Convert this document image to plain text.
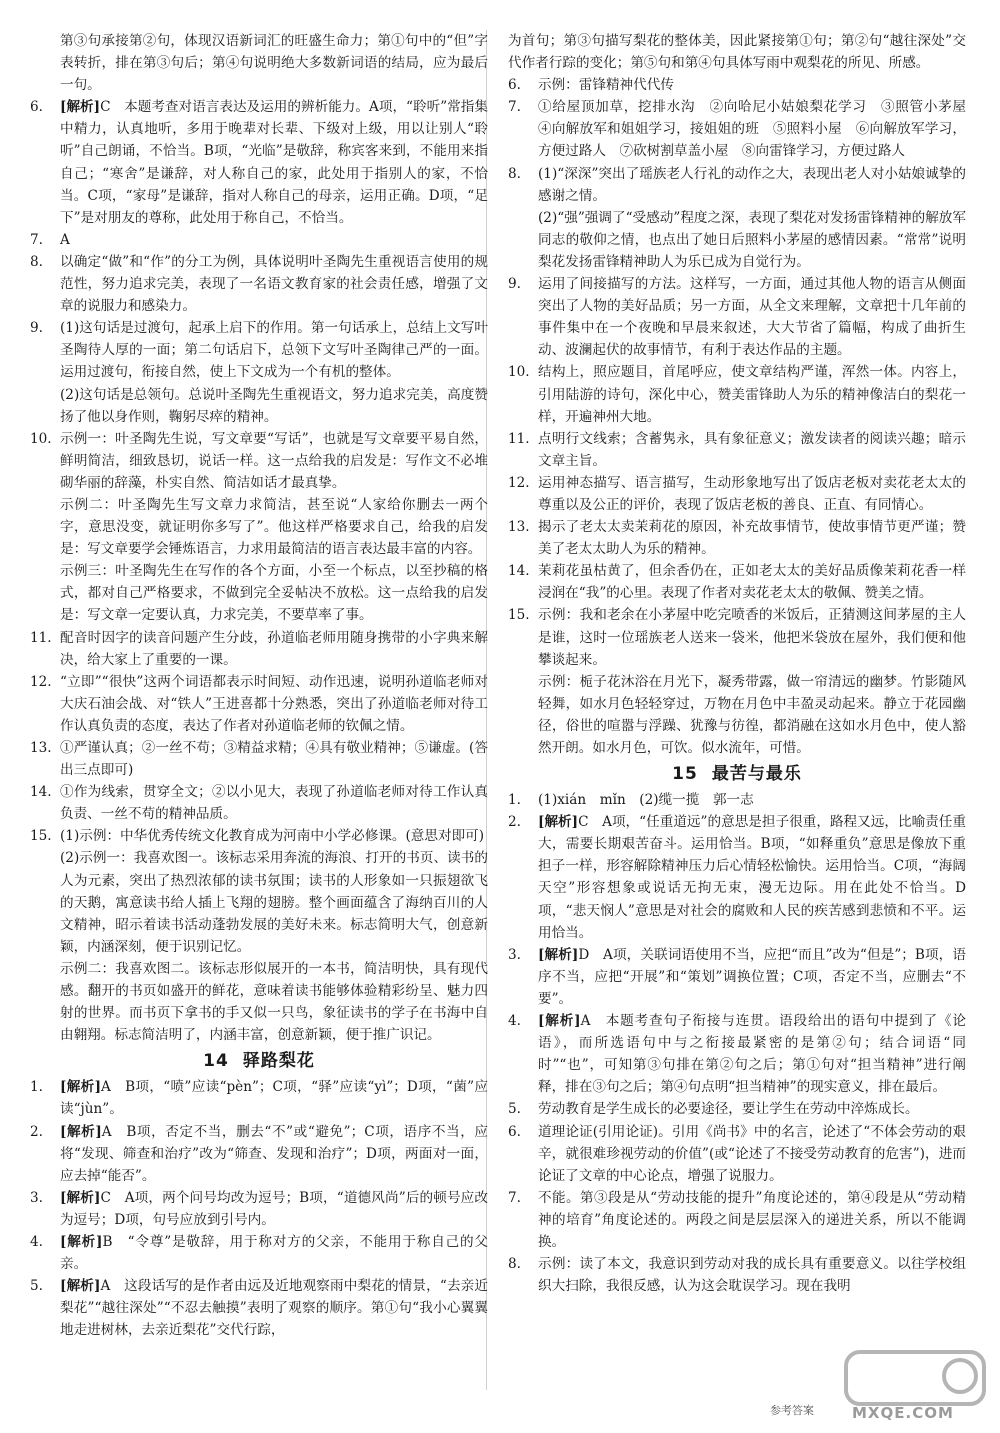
第③句承接第②句，体现汉语新词汇的旺盛生命力；第①句中的“但”字表转折，排在第③句后；第④句说明绝大多数新词语的结局，应为最后一句。
6.	[解析]C　本题考查对语言表达及运用的辨析能力。A项，“聆听”常指集中精力，认真地听，多用于晚辈对长辈、下级对上级，用以让别人“聆听”自己朗诵，不恰当。B项，“光临”是敬辞，称宾客来到，不能用来指自己；“寒舍”是谦辞，对人称自己的家，此处用于指别人的家，不恰当。C项，“家母”是谦辞，指对人称自己的母亲，运用正确。D项，“足下”是对朋友的尊称，此处用于称自己，不恰当。
7.	A
8.	以确定“做”和“作”的分工为例，具体说明叶圣陶先生重视语言使用的规范性，努力追求完美，表现了一名语文教育家的社会责任感，增强了文章的说服力和感染力。
9.	(1)这句话是过渡句，起承上启下的作用。第一句话承上，总结上文写叶圣陶待人厚的一面；第二句话启下，总领下文写叶圣陶律己严的一面。运用过渡句，衔接自然，使上下文成为一个有机的整体。
(2)这句话是总领句。总说叶圣陶先生重视语文，努力追求完美，高度赞扬了他以身作则，鞠躬尽瘁的精神。
10. 示例一：叶圣陶先生说，写文章要“写话”，也就是写文章要平易自然，鲜明简洁，细致恳切，说话一样。这一点给我的启发是：写作文不必堆砌华丽的辞藻，朴实自然、简洁如话才最真挚。
示例二：叶圣陶先生写文章力求简洁，甚至说“人家给你删去一两个字，意思没变，就证明你多写了”。他这样严格要求自己，给我的启发是：写文章要学会锤炼语言，力求用最简洁的语言表达最丰富的内容。
示例三：叶圣陶先生在写作的各个方面，小至一个标点，以至抄稿的格式，都对自己严格要求，不做到完全妥帖决不放松。这一点给我的启发是：写文章一定要认真，力求完美，不要草率了事。
11. 配音时因字的读音问题产生分歧，孙道临老师用随身携带的小字典来解决，给大家上了重要的一课。
12. “立即”“很快”这两个词语都表示时间短、动作迅速，说明孙道临老师对大庆石油会战、对“铁人”王进喜都十分熟悉，突出了孙道临老师对待工作认真负责的态度，表达了作者对孙道临老师的钦佩之情。
13. ①严谨认真；②一丝不苟；③精益求精；④具有敬业精神；⑤谦虚。(答出三点即可)
14. ①作为线索，贯穿全文；②以小见大，表现了孙道临老师对待工作认真负责、一丝不苟的精神品质。
15. (1)示例：中华优秀传统文化教育成为河南中小学必修课。(意思对即可)
(2)示例一：我喜欢图一。该标志采用奔流的海浪、打开的书页、读书的人为元素，突出了热烈浓郁的读书氛围；读书的人形象如一只振翅欲飞的天鹅，寓意读书给人插上飞翔的翅膀。整个画面蕴含了海纳百川的人文精神，昭示着读书活动蓬勃发展的美好未来。标志简明大气，创意新颖，内涵深刻，便于识别记忆。
示例二：我喜欢图二。该标志形似展开的一本书，简洁明快，具有现代感。翻开的书页如盛开的鲜花，意味着读书能够体验精彩纷呈、魅力四射的世界。而书页下拿书的手又似一只鸟，象征读书的学子在书海中自由翱翔。标志简洁明了，内涵丰富，创意新颖，便于推广识记。
14 驿路梨花
1.	[解析]A　B项，“喷”应读“pèn”；C项，“驿”应读“yì”；D项，“菌”应读“jùn”。
2.	[解析]A　B项，否定不当，删去“不”或“避免”；C项，语序不当，应将“发现、筛查和治疗”改为“筛查、发现和治疗”；D项，两面对一面，应去掉“能否”。
3.	[解析]C　A项，两个问号均改为逗号；B项，“道德风尚”后的顿号应改为逗号；D项，句号应放到引号内。
4.	[解析]B　“令尊”是敬辞，用于称对方的父亲，不能用于称自己的父亲。
5.	[解析]A　这段话写的是作者由远及近地观察雨中梨花的情景，“去亲近梨花”“越往深处”“不忍去触摸”表明了观察的顺序。第①句“我小心翼翼地走进树林，去亲近梨花”交代行踪，
为首句；第③句描写梨花的整体美，因此紧接第①句；第②句“越往深处”交代作者行踪的变化；第⑤句和第④句具体写雨中观梨花的所见、所感。
6.	示例：雷锋精神代代传
7.	①给屋顶加草，挖排水沟　②向哈尼小姑娘梨花学习　③照管小茅屋　④向解放军和姐姐学习，接姐姐的班　⑤照料小屋　⑥向解放军学习，方便过路人　⑦砍树割草盖小屋　⑧向雷锋学习，方便过路人
8.	(1)“深深”突出了瑶族老人行礼的动作之大，表现出老人对小姑娘诚挚的感谢之情。
(2)“强”强调了“受感动”程度之深，表现了梨花对发扬雷锋精神的解放军同志的敬仰之情，也点出了她日后照料小茅屋的感情因素。“常常”说明梨花发扬雷锋精神助人为乐已成为自觉行为。
9.	运用了间接描写的方法。这样写，一方面，通过其他人物的语言从侧面突出了人物的美好品质；另一方面，从全文来理解，文章把十几年前的事件集中在一个夜晚和早晨来叙述，大大节省了篇幅，构成了曲折生动、波澜起伏的故事情节，有利于表达作品的主题。
10. 结构上，照应题目，首尾呼应，使文章结构严谨，浑然一体。内容上，引用陆游的诗句，深化中心，赞美雷锋助人为乐的精神像洁白的梨花一样，开遍神州大地。
11. 点明行文线索；含蓄隽永，具有象征意义；激发读者的阅读兴趣；暗示文章主旨。
12. 运用神态描写、语言描写，生动形象地写出了饭店老板对卖花老太太的尊重以及公正的评价，表现了饭店老板的善良、正直、有同情心。
13. 揭示了老太太卖茉莉花的原因，补充故事情节，使故事情节更严谨；赞美了老太太助人为乐的精神。
14. 茉莉花虽枯黄了，但余香仍在，正如老太太的美好品质像茉莉花香一样浸润在“我”的心里。表现了作者对卖花老太太的敬佩、赞美之情。
15. 示例：我和老余在小茅屋中吃完喷香的米饭后，正猜测这间茅屋的主人是谁，这时一位瑶族老人送来一袋米，他把米袋放在屋外，我们便和他攀谈起来。
示例：栀子花沐浴在月光下，凝秀带露，做一帘清远的幽梦。竹影随风轻舞，如水月色轻轻穿过，万物在月色中丰盈灵动起来。静立于花园幽径，俗世的喧嚣与浮躁、犹豫与彷徨，都消融在这如水月色中，使人豁然开朗。如水月色，可饮。似水流年，可惜。
15 最苦与最乐
1.	(1)xián　mǐn　(2)缆一揽　郭一志
2.	[解析]C　A项，“任重道远”的意思是担子很重，路程又远，比喻责任重大，需要长期艰苦奋斗。运用恰当。B项，“如释重负”意思是像放下重担子一样，形容解除精神压力后心情轻松愉快。运用恰当。C项，“海阔天空”形容想象或说话无拘无束，漫无边际。用在此处不恰当。D项，“悲天悯人”意思是对社会的腐败和人民的疾苦感到悲愤和不平。运用恰当。
3.	[解析]D　A项，关联词语使用不当，应把“而且”改为“但是”；B项，语序不当，应把“开展”和“策划”调换位置；C项，否定不当，应删去“不要”。
4.	[解析]A　本题考查句子衔接与连贯。语段给出的语句中提到了《论语》，而所选语句中与之衔接最紧密的是第②句；结合词语“同时”“也”，可知第③句排在第②句之后；第①句对“担当精神”进行阐释，排在③句之后；第④句点明“担当精神”的现实意义，排在最后。
5.	劳动教育是学生成长的必要途径，要让学生在劳动中淬炼成长。
6.	道理论证(引用论证)。引用《尚书》中的名言，论述了“不体会劳动的艰辛，就很难珍视劳动的价值”(或“论述了不接受劳动教育的危害”)，进而论证了文章的中心论点，增强了说服力。
7.	不能。第③段是从“劳动技能的提升”角度论述的，第④段是从“劳动精神的培育”角度论述的。两段之间是层层深入的递进关系，所以不能调换。
8.	示例：读了本文，我意识到劳动对我的成长具有重要意义。以往学校组织大扫除，我很反感，认为这会耽误学习。现在我明
参考答案	MXQE.COM
